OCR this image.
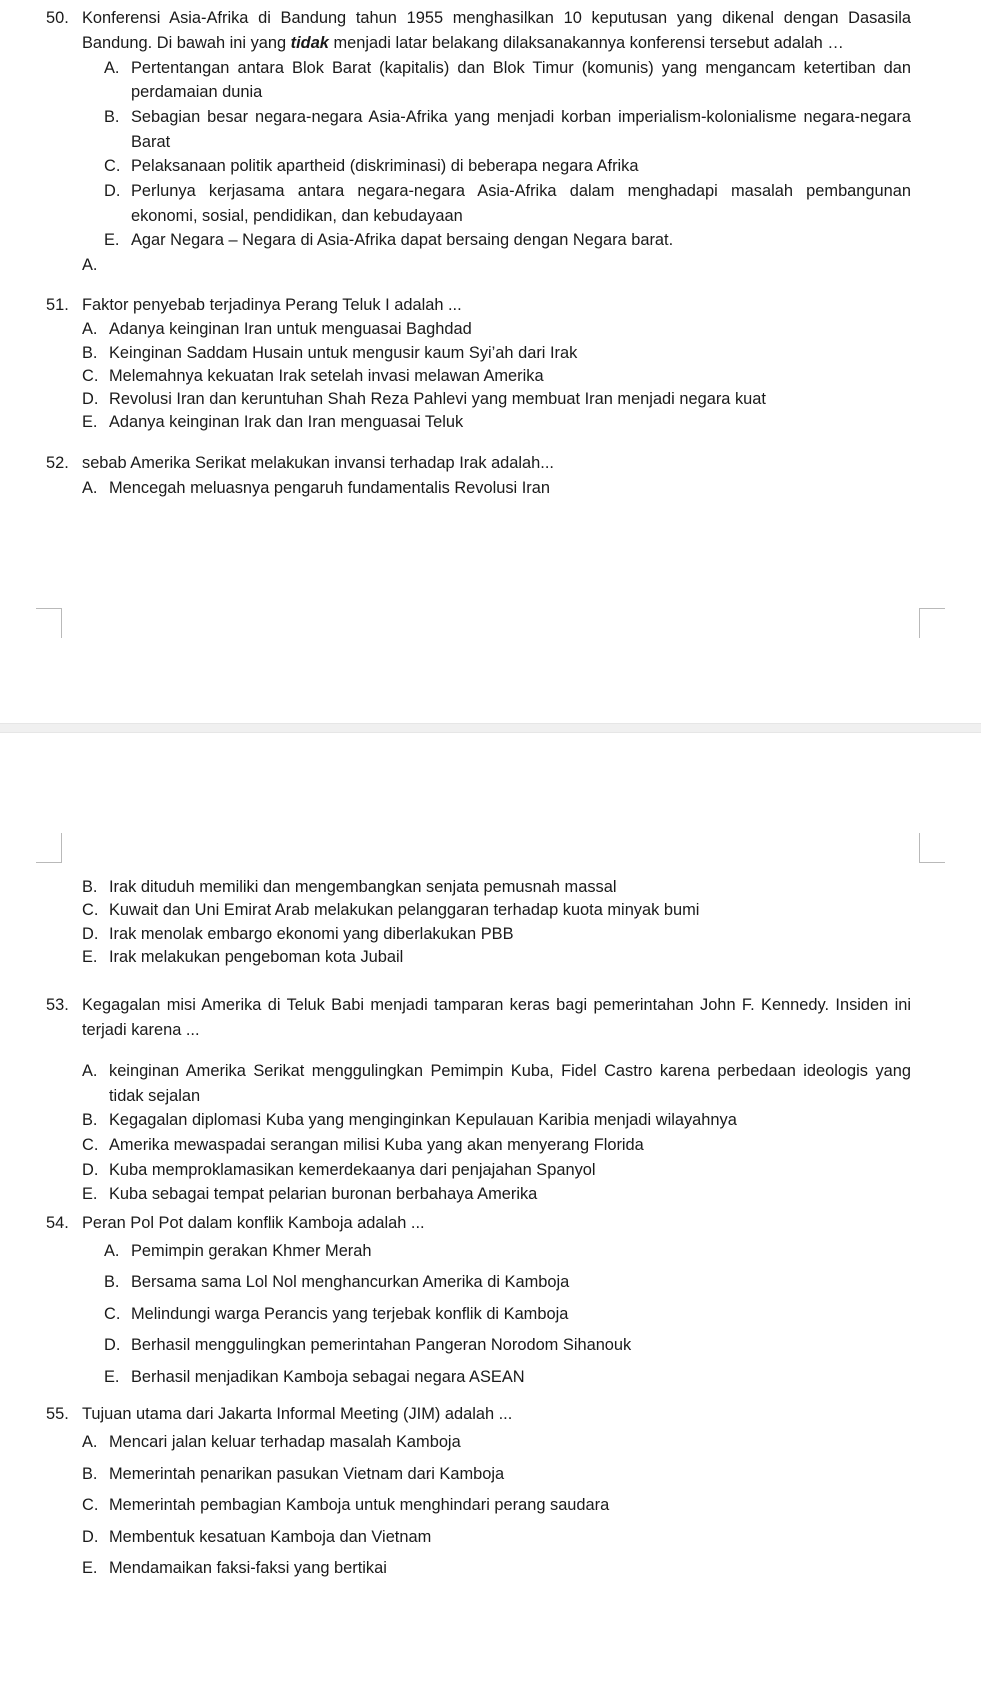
50. Konferensi Asia-Afrika di Bandung tahun 1955 menghasilkan 10 keputusan yang dikenal dengan Dasasila Bandung. Di bawah ini yang tidak menjadi latar belakang dilaksanakannya konferensi tersebut adalah …
A. Pertentangan antara Blok Barat (kapitalis) dan Blok Timur (komunis) yang mengancam ketertiban dan perdamaian dunia
B. Sebagian besar negara-negara Asia-Afrika yang menjadi korban imperialism-kolonialisme negara-negara Barat
C. Pelaksanaan politik apartheid (diskriminasi) di beberapa negara Afrika
D. Perlunya kerjasama antara negara-negara Asia-Afrika dalam menghadapi masalah pembangunan ekonomi, sosial, pendidikan, dan kebudayaan
E. Agar Negara – Negara di Asia-Afrika dapat bersaing dengan Negara barat.
A.
51. Faktor penyebab terjadinya Perang Teluk I adalah ...
A. Adanya keinginan Iran untuk menguasai Baghdad
B. Keinginan Saddam Husain untuk mengusir kaum Syi’ah dari Irak
C. Melemahnya kekuatan Irak setelah invasi melawan Amerika
D. Revolusi Iran dan keruntuhan Shah Reza Pahlevi yang membuat Iran menjadi negara kuat
E. Adanya keinginan Irak dan Iran menguasai Teluk
52. sebab Amerika Serikat melakukan invansi terhadap Irak adalah...
A. Mencegah meluasnya pengaruh fundamentalis Revolusi Iran
B. Irak dituduh memiliki dan mengembangkan senjata pemusnah massal
C. Kuwait dan Uni Emirat Arab melakukan pelanggaran terhadap kuota minyak bumi
D. Irak menolak embargo ekonomi yang diberlakukan PBB
E. Irak melakukan pengeboman kota Jubail
53. Kegagalan misi Amerika di Teluk Babi menjadi tamparan keras bagi pemerintahan John F. Kennedy. Insiden ini terjadi karena ...
A. keinginan Amerika Serikat menggulingkan Pemimpin Kuba, Fidel Castro karena perbedaan ideologis yang tidak sejalan
B. Kegagalan diplomasi Kuba yang menginginkan Kepulauan Karibia menjadi wilayahnya
C. Amerika mewaspadai serangan milisi Kuba yang akan menyerang Florida
D. Kuba memproklamasikan kemerdekaanya dari penjajahan Spanyol
E. Kuba sebagai tempat pelarian buronan berbahaya Amerika
54. Peran Pol Pot dalam konflik Kamboja adalah ...
A. Pemimpin gerakan Khmer Merah
B. Bersama sama Lol Nol menghancurkan Amerika di Kamboja
C. Melindungi warga Perancis yang terjebak konflik di Kamboja
D. Berhasil menggulingkan pemerintahan Pangeran Norodom Sihanouk
E. Berhasil menjadikan Kamboja sebagai negara ASEAN
55. Tujuan utama dari Jakarta Informal Meeting (JIM) adalah ...
A. Mencari jalan keluar terhadap masalah Kamboja
B. Memerintah penarikan pasukan Vietnam dari Kamboja
C. Memerintah pembagian Kamboja untuk menghindari perang saudara
D. Membentuk kesatuan Kamboja dan Vietnam
E. Mendamaikan faksi-faksi yang bertikai
